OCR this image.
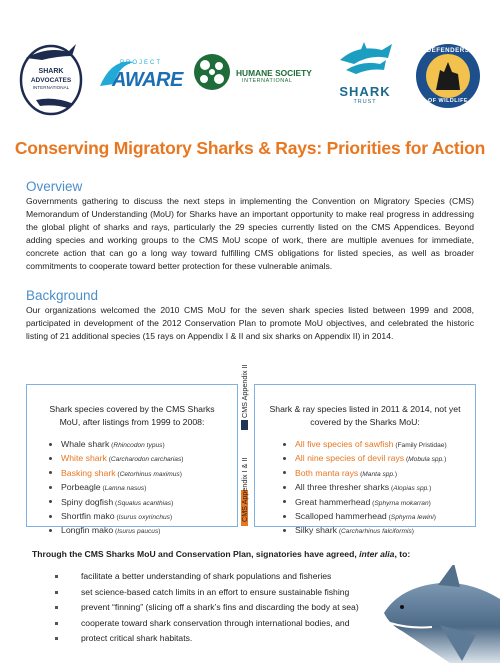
SHARK
ADVOCATES
INTERNATIONAL
PROJECT
AWARE	HUMANE SOCIETY
INTERNATIONAL
SHARK
TRUST
DEFENDERS
OF WILDLIFE
Conserving Migratory Sharks & Rays: Priorities for Action
Overview
Governments gathering to discuss the next steps in implementing the Convention on Migratory Species (CMS) Memorandum of Understanding (MoU) for Sharks have an important opportunity to make real progress in addressing the global plight of sharks and rays, particularly the 29 species currently listed on the CMS Appendices. Beyond adding species and working groups to the CMS MoU scope of work, there are multiple avenues for immediate, concrete action that can go a long way toward fulfilling CMS obligations for listed species, as well as broader commitments to cooperate toward better protection for these vulnerable animals.
Background
Our organizations welcomed the 2010 CMS MoU for the seven shark species listed between 1999 and 2008, participated in development of the 2012 Conservation Plan to promote MoU objectives, and celebrated the historic listing of 21 additional species (15 rays on Appendix I & II and six sharks on Appendix II) in 2014.
Shark species covered by the CMS Sharks MoU, after listings from 1999 to 2008:
Whale shark (Rhincodon typus)
White shark (Carcharodon carcharias)
Basking shark (Cetorhinus maximus)
Porbeagle (Lamna nasus)
Spiny dogfish (Squalus acanthias)
Shortfin mako (Isurus oxyrinchus)
Longfin mako (Isurus paucus)
CMS Appendix II
CMS Appendix I & II
Shark & ray species listed in 2011 & 2014, not yet covered by the Sharks MoU:
All five species of sawfish (Family Pristidae)
All nine species of devil rays (Mobula spp.)
Both manta rays (Manta spp.)
All three thresher sharks (Alopias spp.)
Great hammerhead (Sphyrna mokarran)
Scalloped hammerhead (Sphyrna lewini)
Silky shark (Carcharhinus falciformis)
Through the CMS Sharks MoU and Conservation Plan, signatories have agreed, inter alia, to:
facilitate a better understanding of shark populations and fisheries
set science-based catch limits in an effort to ensure sustainable fishing
prevent “finning” (slicing off a shark’s fins and discarding the body at sea)
cooperate toward shark conservation through international bodies, and
protect critical shark habitats.
